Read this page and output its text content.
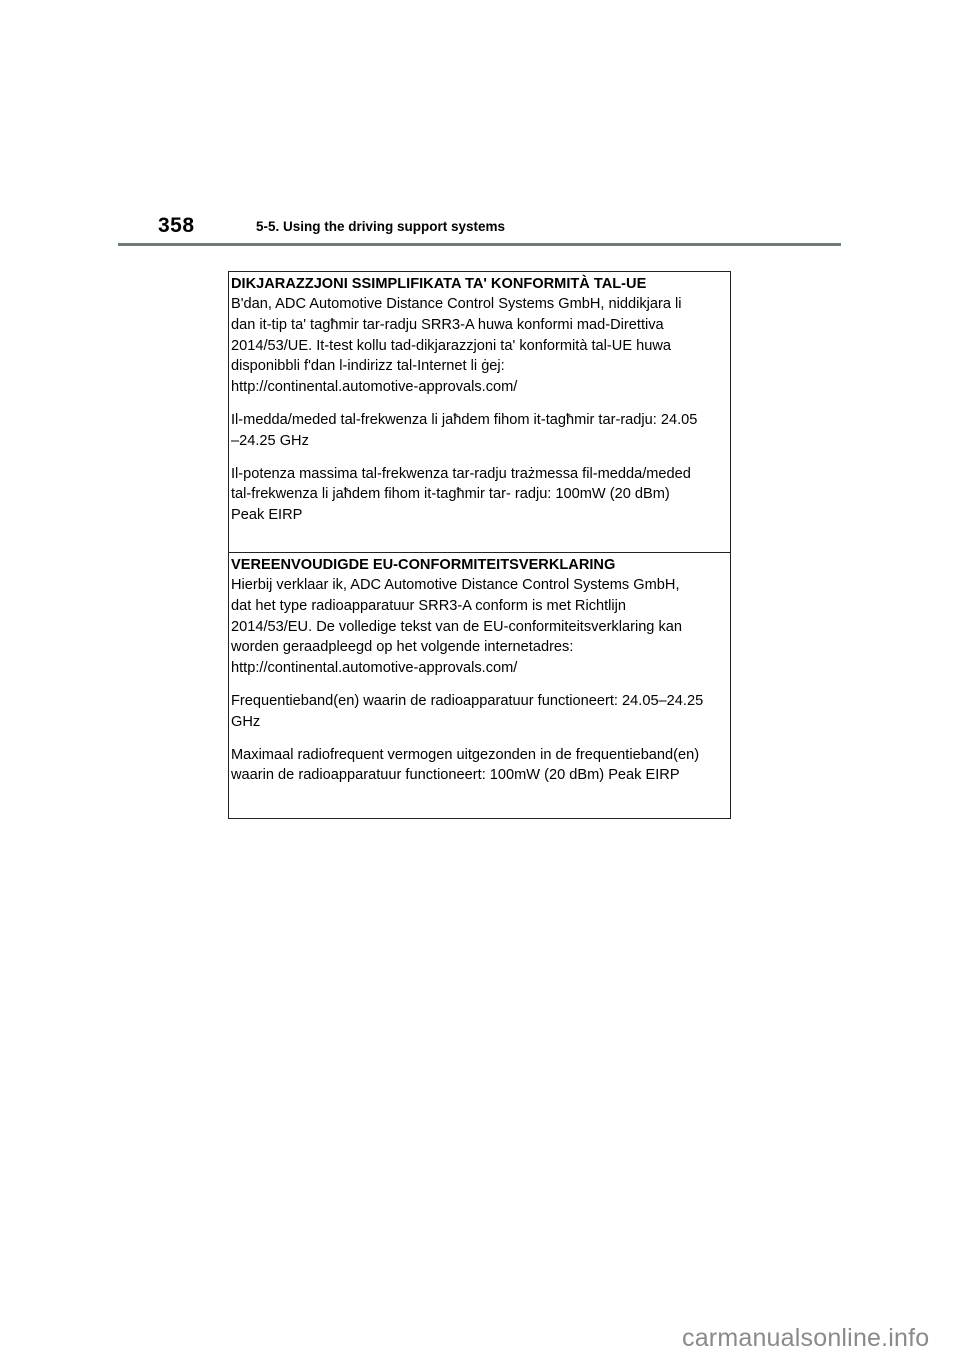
358	5-5. Using the driving support systems
DIKJARAZZJONI SSIMPLIFIKATA TA' KONFORMITÀ TAL-UE
B'dan, ADC Automotive Distance Control Systems GmbH, niddikjara li
dan it-tip ta' tagħmir tar-radju SRR3-A huwa konformi mad-Direttiva
2014/53/UE. It-test kollu tad-dikjarazzjoni ta' konformità tal-UE huwa
disponibbli f'dan l-indirizz tal-Internet li ġej:
http://continental.automotive-approvals.com/
Il-medda/meded tal-frekwenza li jaħdem fihom it-tagħmir tar-radju: 24.05
–24.25 GHz
Il-potenza massima tal-frekwenza tar-radju trażmessa fil-medda/meded
tal-frekwenza li jaħdem fihom it-tagħmir tar- radju: 100mW (20 dBm)
Peak EIRP
VEREENVOUDIGDE EU-CONFORMITEITSVERKLARING
Hierbij verklaar ik, ADC Automotive Distance Control Systems GmbH,
dat het type radioapparatuur SRR3-A conform is met Richtlijn
2014/53/EU. De volledige tekst van de EU-conformiteitsverklaring kan
worden geraadpleegd op het volgende internetadres:
http://continental.automotive-approvals.com/
Frequentieband(en) waarin de radioapparatuur functioneert: 24.05–24.25
GHz
Maximaal radiofrequent vermogen uitgezonden in de frequentieband(en)
waarin de radioapparatuur functioneert: 100mW (20 dBm) Peak EIRP
carmanualsonline.info
